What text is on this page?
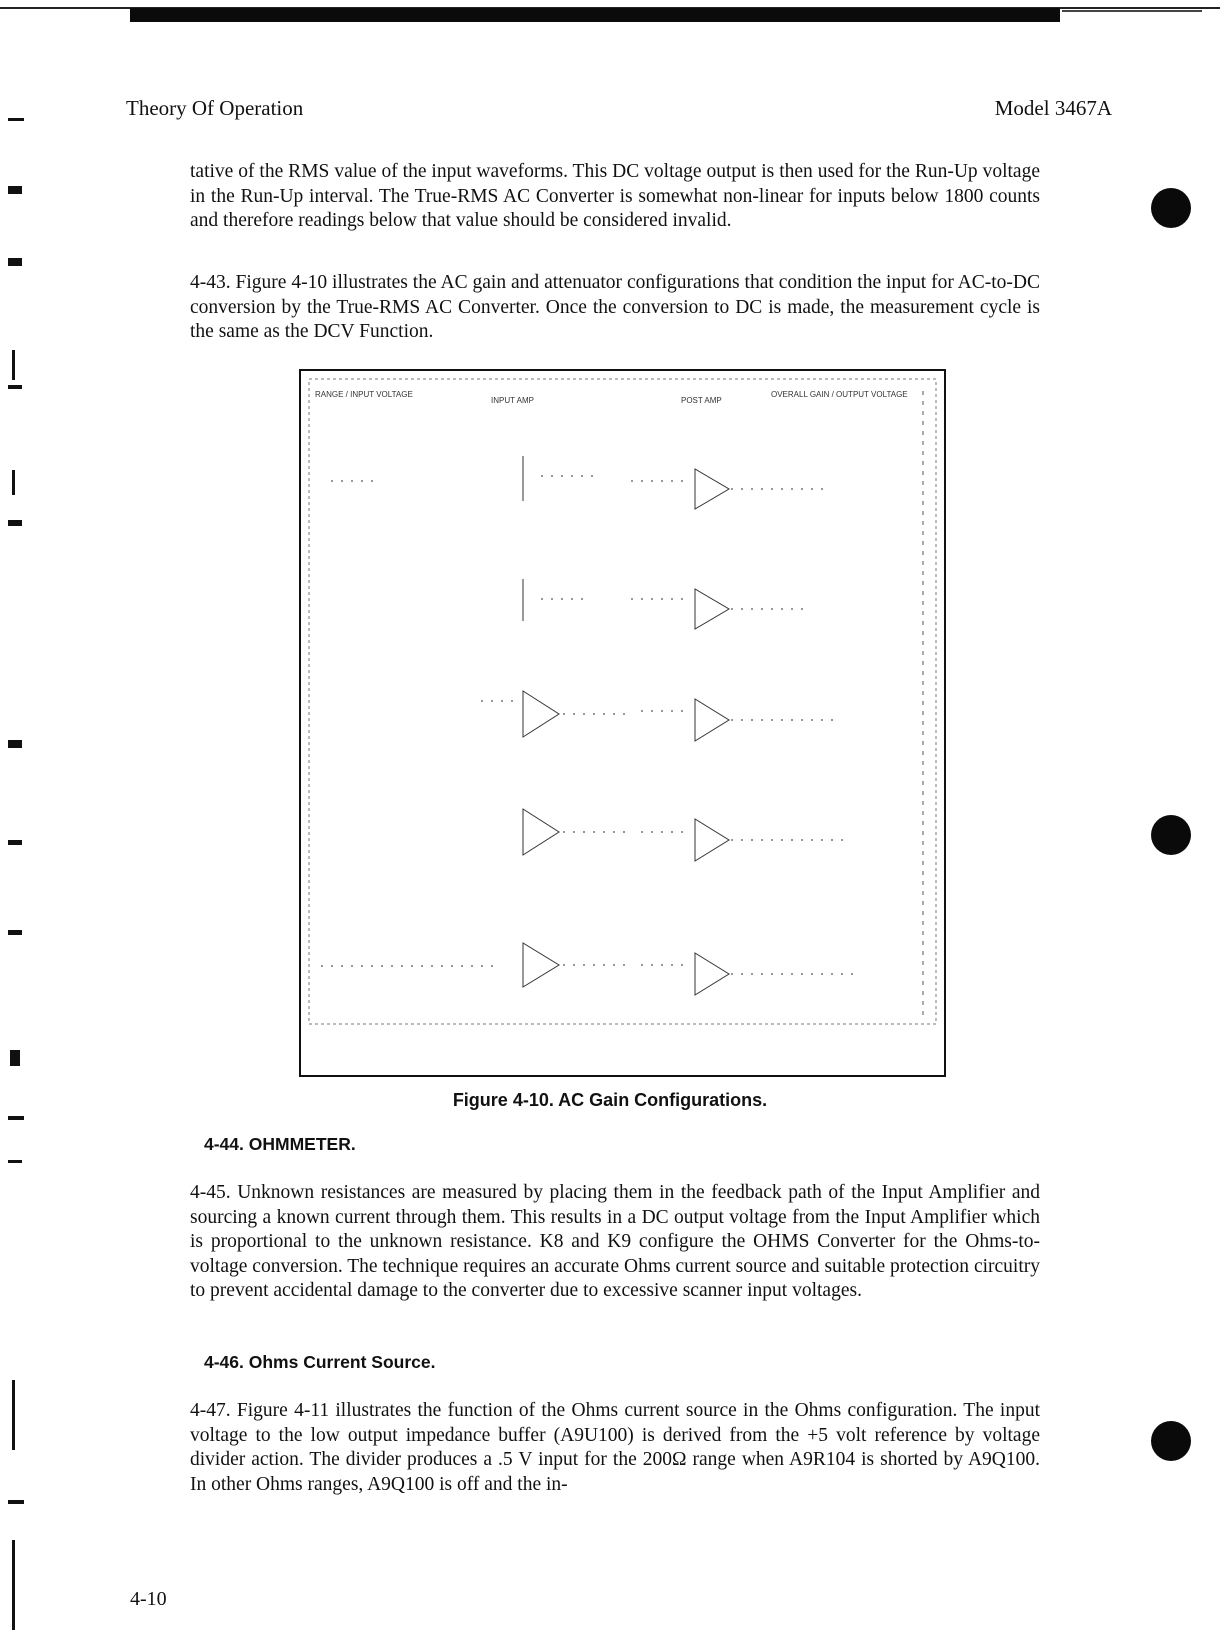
Theory Of Operation	Model 3467A

tative of the RMS value of the input waveforms. This DC voltage output is then used for the Run-Up voltage in the Run-Up interval. The True-RMS AC Converter is somewhat non-linear for inputs below 1800 counts and therefore readings below that value should be considered invalid.

4-43. Figure 4-10 illustrates the AC gain and attenuator configurations that condition the input for AC-to-DC conversion by the True-RMS AC Converter. Once the conversion to DC is made, the measurement cycle is the same as the DCV Function.

RANGE / INPUT VOLTAGE
INPUT AMP	POST AMP
OVERALL GAIN / OUTPUT VOLTAGE
Figure 4-10. AC Gain Configurations.
4-44. OHMMETER.

4-45. Unknown resistances are measured by placing them in the feedback path of the Input Amplifier and sourcing a known current through them. This results in a DC output voltage from the Input Amplifier which is proportional to the unknown resistance. K8 and K9 configure the OHMS Converter for the Ohms-to-voltage conversion. The technique requires an accurate Ohms current source and suitable protection circuitry to prevent accidental damage to the converter due to excessive scanner input voltages.

4-46. Ohms Current Source.

4-47. Figure 4-11 illustrates the function of the Ohms current source in the Ohms configuration. The input voltage to the low output impedance buffer (A9U100) is derived from the +5 volt reference by voltage divider action. The divider produces a .5 V input for the 200Ω range when A9R104 is shorted by A9Q100. In other Ohms ranges, A9Q100 is off and the in-

4-10
